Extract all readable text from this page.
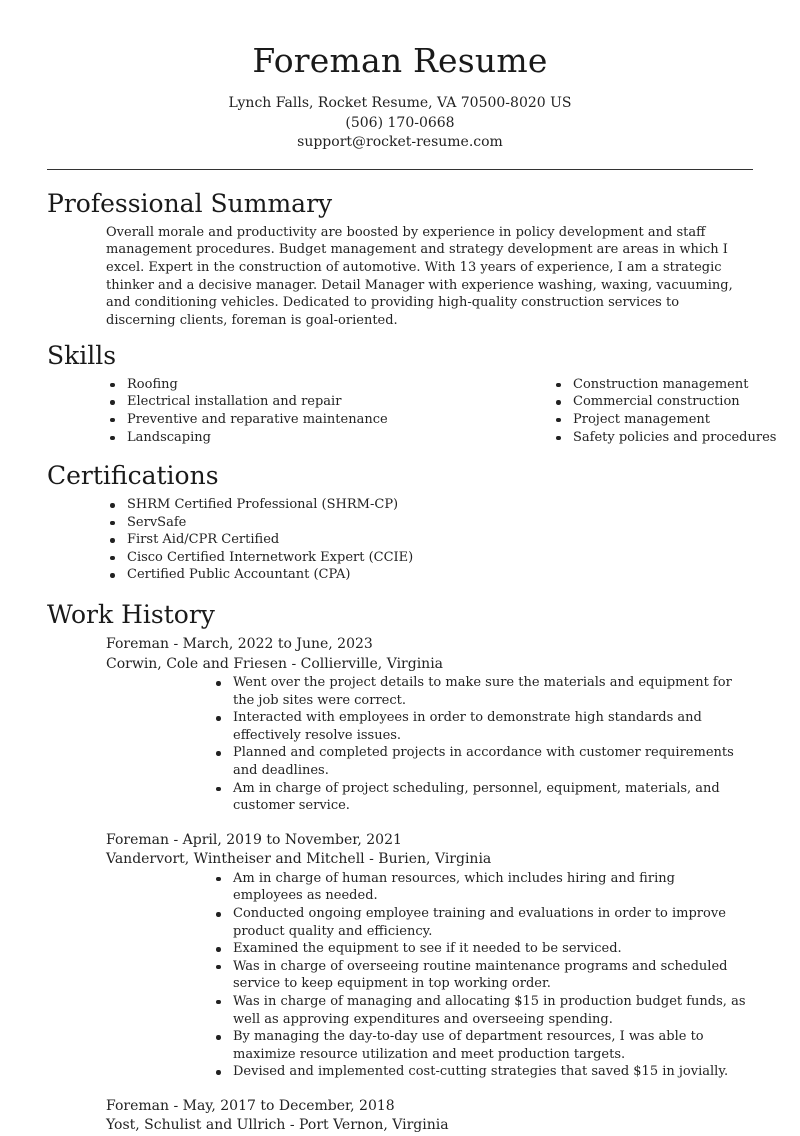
Foreman Resume
Lynch Falls, Rocket Resume, VA 70500-8020 US
(506) 170-0668
support@rocket-resume.com
Professional Summary

Overall morale and productivity are boosted by experience in policy development and staff management procedures. Budget management and strategy development are areas in which I excel. Expert in the construction of automotive. With 13 years of experience, I am a strategic thinker and a decisive manager. Detail Manager with experience washing, waxing, vacuuming, and conditioning vehicles. Dedicated to providing high-quality construction services to discerning clients, foreman is goal-oriented.

Skills
Roofing
Electrical installation and repair
Preventive and reparative maintenance
Landscaping
Construction management
Commercial construction
Project management
Safety policies and procedures
Certifications
SHRM Certified Professional (SHRM-CP)
ServSafe
First Aid/CPR Certified
Cisco Certified Internetwork Expert (CCIE)
Certified Public Accountant (CPA)
Work History
Foreman - March, 2022 to June, 2023
Corwin, Cole and Friesen - Collierville, Virginia
Went over the project details to make sure the materials and equipment for the job sites were correct.
Interacted with employees in order to demonstrate high standards and effectively resolve issues.
Planned and completed projects in accordance with customer requirements and deadlines.
Am in charge of project scheduling, personnel, equipment, materials, and customer service.
Foreman - April, 2019 to November, 2021
Vandervort, Wintheiser and Mitchell - Burien, Virginia
Am in charge of human resources, which includes hiring and firing employees as needed.
Conducted ongoing employee training and evaluations in order to improve product quality and efficiency.
Examined the equipment to see if it needed to be serviced.
Was in charge of overseeing routine maintenance programs and scheduled service to keep equipment in top working order.
Was in charge of managing and allocating $15 in production budget funds, as well as approving expenditures and overseeing spending.
By managing the day-to-day use of department resources, I was able to maximize resource utilization and meet production targets.
Devised and implemented cost-cutting strategies that saved $15 in jovially.
Foreman - May, 2017 to December, 2018
Yost, Schulist and Ullrich - Port Vernon, Virginia
